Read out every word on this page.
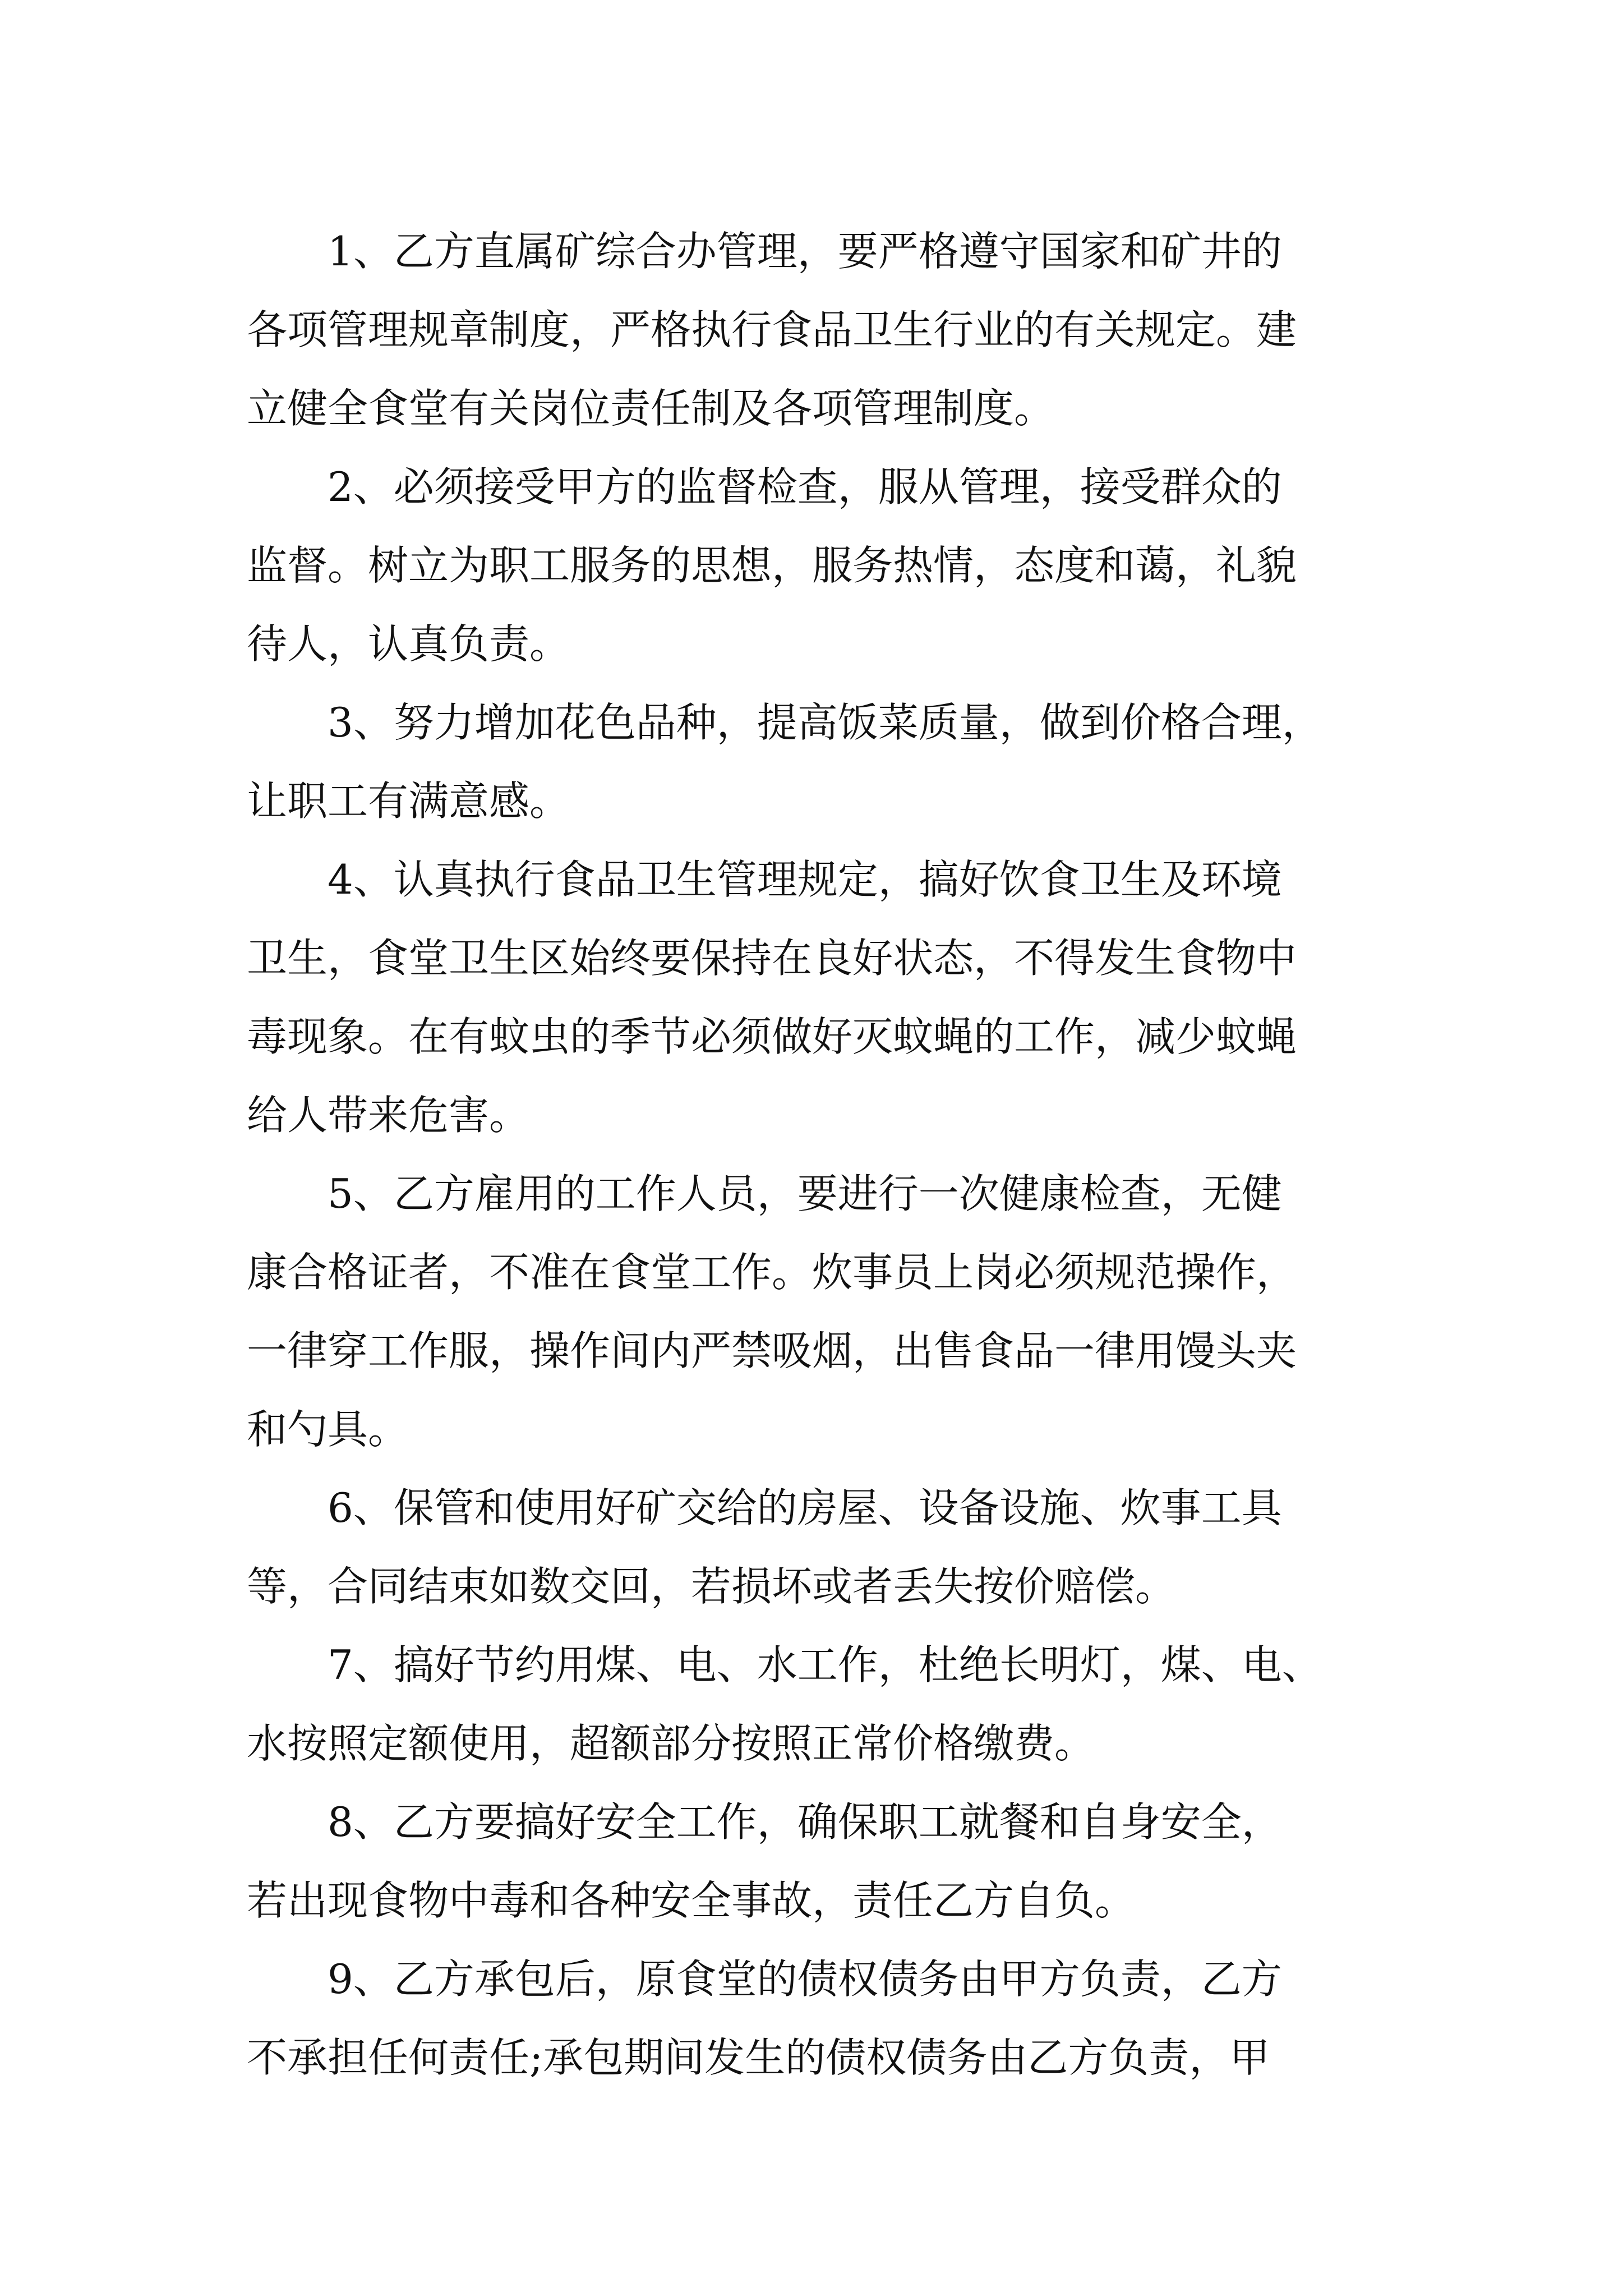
1、乙方直属矿综合办管理，要严格遵守国家和矿井的
各项管理规章制度，严格执行食品卫生行业的有关规定。建
立健全食堂有关岗位责任制及各项管理制度。
2、必须接受甲方的监督检查，服从管理，接受群众的
监督。树立为职工服务的思想，服务热情，态度和蔼，礼貌
待人，认真负责。
3、努力增加花色品种，提高饭菜质量，做到价格合理，
让职工有满意感。
4、认真执行食品卫生管理规定，搞好饮食卫生及环境
卫生，食堂卫生区始终要保持在良好状态，不得发生食物中
毒现象。在有蚊虫的季节必须做好灭蚊蝇的工作，减少蚊蝇
给人带来危害。
5、乙方雇用的工作人员，要进行一次健康检查，无健
康合格证者，不准在食堂工作。炊事员上岗必须规范操作，
一律穿工作服，操作间内严禁吸烟，出售食品一律用馒头夹
和勺具。
6、保管和使用好矿交给的房屋、设备设施、炊事工具
等，合同结束如数交回，若损坏或者丢失按价赔偿。
7、搞好节约用煤、电、水工作，杜绝长明灯，煤、电、
水按照定额使用，超额部分按照正常价格缴费。
8、乙方要搞好安全工作，确保职工就餐和自身安全，
若出现食物中毒和各种安全事故，责任乙方自负。
9、乙方承包后，原食堂的债权债务由甲方负责，乙方
不承担任何责任;承包期间发生的债权债务由乙方负责，甲
